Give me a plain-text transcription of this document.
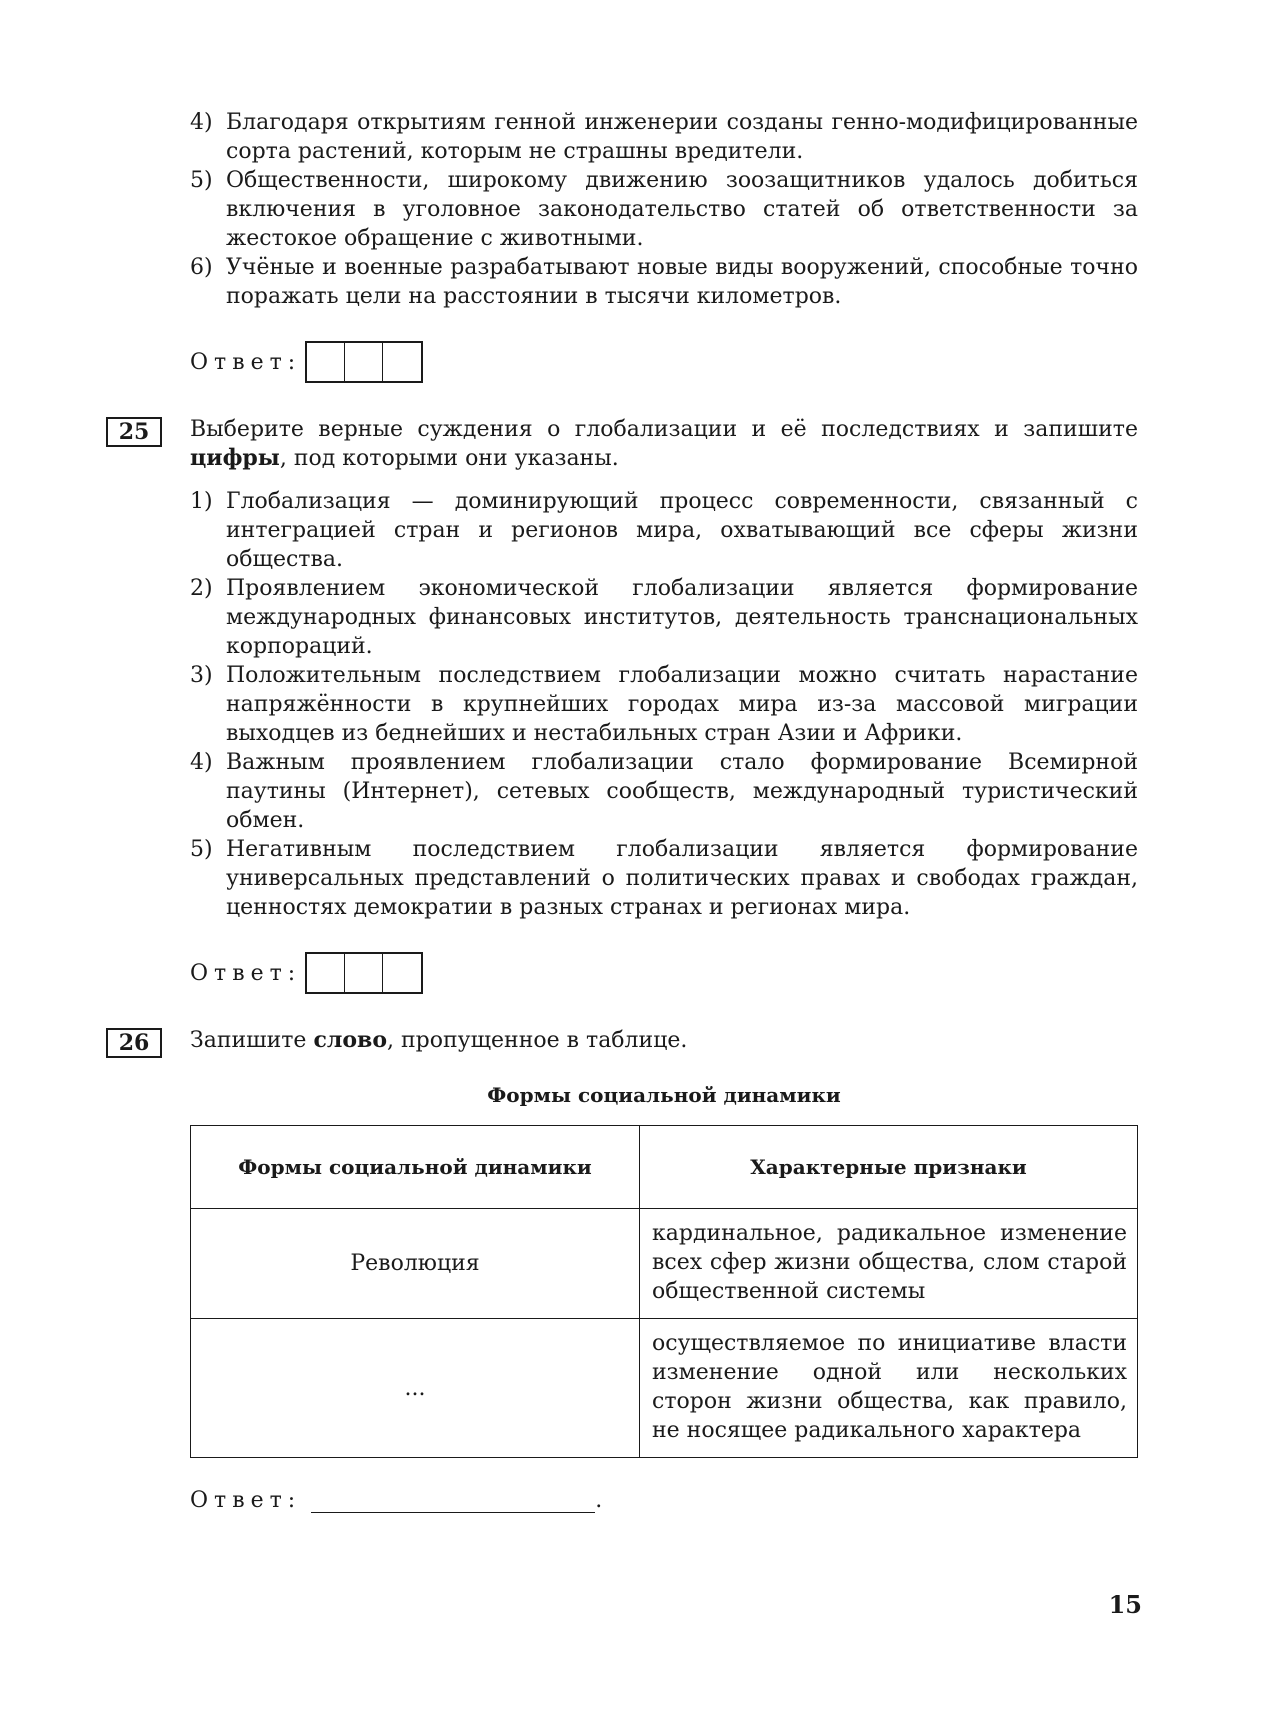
4) Благодаря открытиям генной инженерии созданы генно-модифицированные сорта растений, которым не страшны вредители.
5) Общественности, широкому движению зоозащитников удалось добиться включения в уголовное законодательство статей об ответственности за жестокое обращение с животными.
6) Учёные и военные разрабатывают новые виды вооружений, способные точно поражать цели на расстоянии в тысячи километров.
Ответ:
25	Выберите верные суждения о глобализации и её последствиях и запишите цифры, под которыми они указаны.
1) Глобализация — доминирующий процесс современности, связанный с интеграцией стран и регионов мира, охватывающий все сферы жизни общества.
2) Проявлением экономической глобализации является формирование международных финансовых институтов, деятельность транснациональных корпораций.
3) Положительным последствием глобализации можно считать нарастание напряжённости в крупнейших городах мира из-за массовой миграции выходцев из беднейших и нестабильных стран Азии и Африки.
4) Важным проявлением глобализации стало формирование Всемирной паутины (Интернет), сетевых сообществ, международный туристический обмен.
5) Негативным последствием глобализации является формирование универсальных представлений о политических правах и свободах граждан, ценностях демократии в разных странах и регионах мира.
Ответ:
26	Запишите слово, пропущенное в таблице.
Формы социальной динамики
Формы социальной динамики	Характерные признаки
Революция	кардинальное, радикальное изменение всех сфер жизни общества, слом старой общественной системы
...	осуществляемое по инициативе власти изменение одной или нескольких сторон жизни общества, как правило, не носящее радикального характера
Ответ:	.
15
